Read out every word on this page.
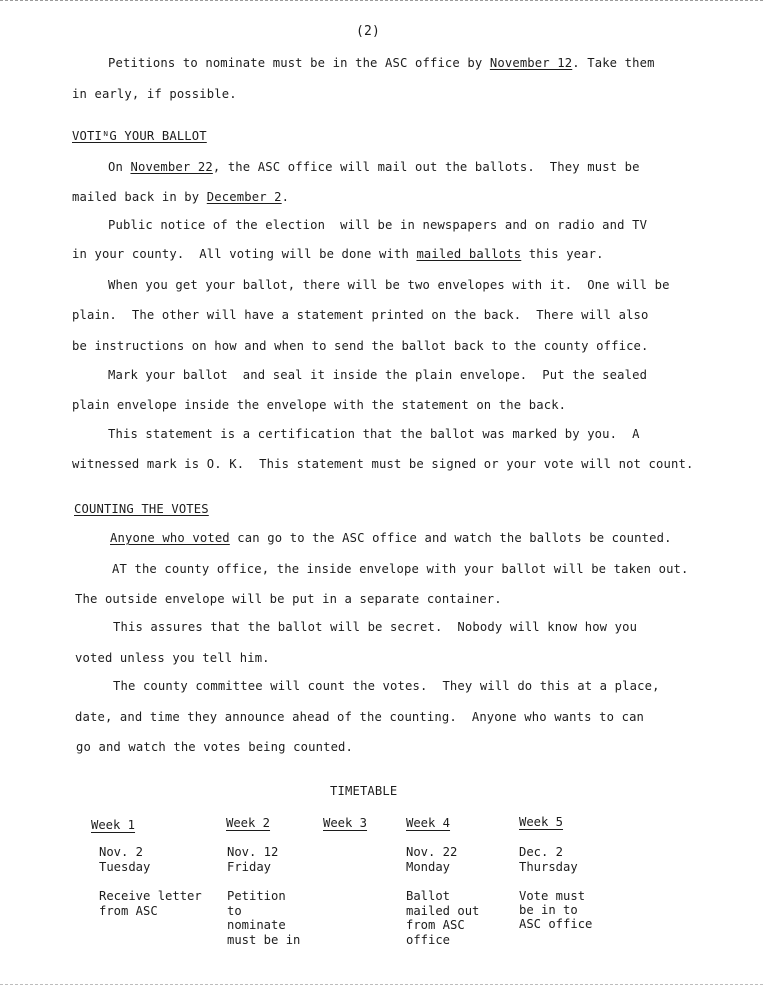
(2)
Petitions to nominate must be in the ASC office by November 12. Take them
in early, if possible.
VOTIᴺG YOUR BALLOT
On November 22, the ASC office will mail out the ballots.  They must be
mailed back in by December 2.
Public notice of the election  will be in newspapers and on radio and TV
in your county.  All voting will be done with mailed ballots this year.
When you get your ballot, there will be two envelopes with it.  One will be
plain.  The other will have a statement printed on the back.  There will also
be instructions on how and when to send the ballot back to the county office.
Mark your ballot  and seal it inside the plain envelope.  Put the sealed
plain envelope inside the envelope with the statement on the back.
This statement is a certification that the ballot was marked by you.  A
witnessed mark is O. K.  This statement must be signed or your vote will not count.
COUNTING THE VOTES
Anyone who voted can go to the ASC office and watch the ballots be counted.
AT the county office, the inside envelope with your ballot will be taken out.
The outside envelope will be put in a separate container.
This assures that the ballot will be secret.  Nobody will know how you
voted unless you tell him.
The county committee will count the votes.  They will do this at a place,
date, and time they announce ahead of the counting.  Anyone who wants to can
go and watch the votes being counted.
TIMETABLE
Week 1
Nov. 2
Tuesday
Receive letter
from ASC
Week 2
Nov. 12
Friday
Petition
to
nominate
must be in
Week 3	Week 4
Nov. 22
Monday
Ballot
mailed out
from ASC
office
Week 5
Dec. 2
Thursday
Vote must
be in to
ASC office
